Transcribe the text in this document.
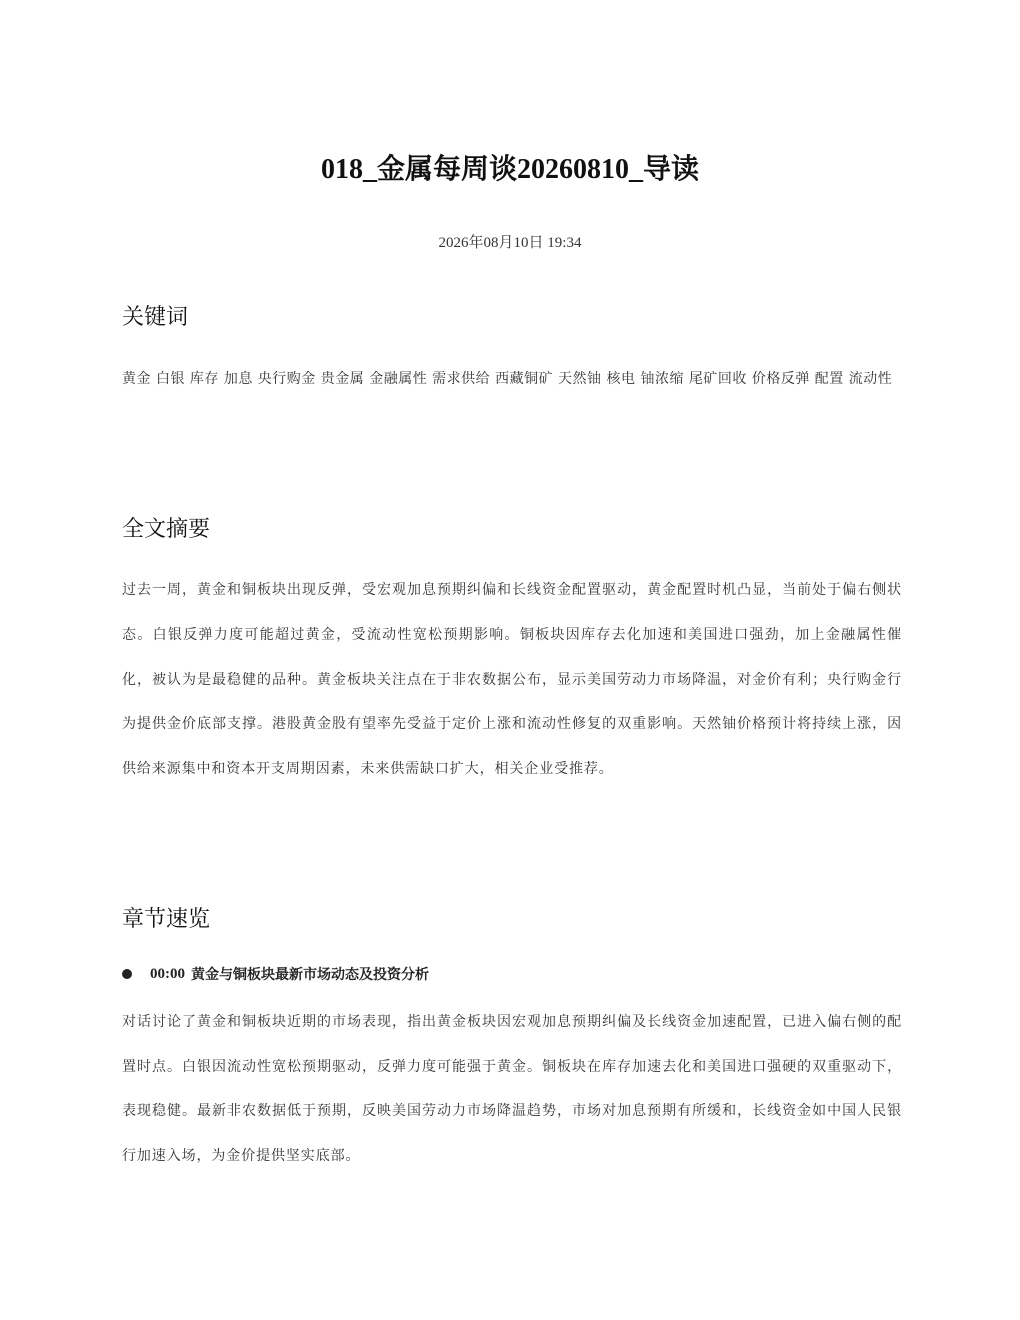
018_金属每周谈20260810_导读
2026年08月10日 19:34
关键词
黄金 白银 库存 加息 央行购金 贵金属 金融属性 需求供给 西藏铜矿 天然铀 核电 铀浓缩 尾矿回收 价格反弹 配置 流动性
全文摘要
过去一周，黄金和铜板块出现反弹，受宏观加息预期纠偏和长线资金配置驱动，黄金配置时机凸显，当前处于偏右侧状态。白银反弹力度可能超过黄金，受流动性宽松预期影响。铜板块因库存去化加速和美国进口强劲，加上金融属性催化，被认为是最稳健的品种。黄金板块关注点在于非农数据公布，显示美国劳动力市场降温，对金价有利；央行购金行为提供金价底部支撑。港股黄金股有望率先受益于定价上涨和流动性修复的双重影响。天然铀价格预计将持续上涨，因供给来源集中和资本开支周期因素，未来供需缺口扩大，相关企业受推荐。
章节速览
00:00 黄金与铜板块最新市场动态及投资分析
对话讨论了黄金和铜板块近期的市场表现，指出黄金板块因宏观加息预期纠偏及长线资金加速配置，已进入偏右侧的配置时点。白银因流动性宽松预期驱动，反弹力度可能强于黄金。铜板块在库存加速去化和美国进口强硬的双重驱动下，表现稳健。最新非农数据低于预期，反映美国劳动力市场降温趋势，市场对加息预期有所缓和，长线资金如中国人民银行加速入场，为金价提供坚实底部。
